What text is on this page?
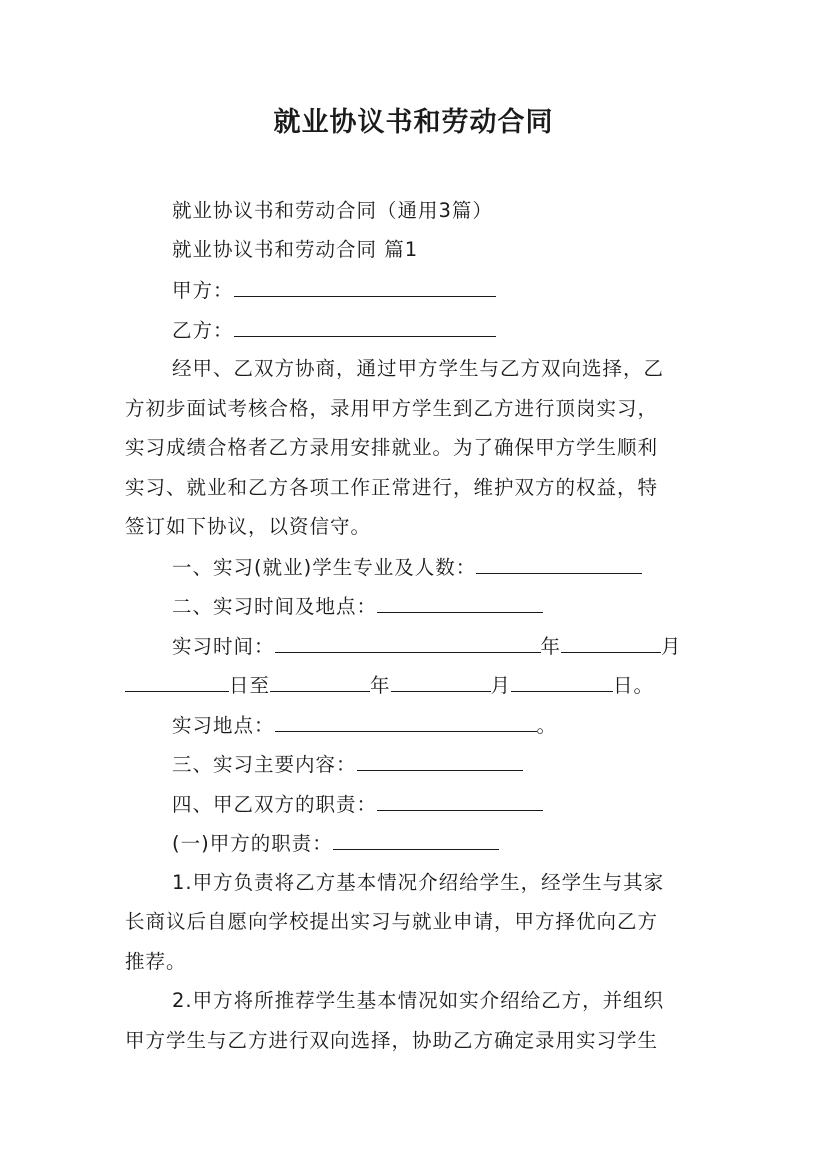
就业协议书和劳动合同
就业协议书和劳动合同（通用3篇）
就业协议书和劳动合同 篇1
甲方：
乙方：
经甲、乙双方协商，通过甲方学生与乙方双向选择，乙
方初步面试考核合格，录用甲方学生到乙方进行顶岗实习，
实习成绩合格者乙方录用安排就业。为了确保甲方学生顺利
实习、就业和乙方各项工作正常进行，维护双方的权益，特
签订如下协议，以资信守。
一、实习(就业)学生专业及人数：
二、实习时间及地点：
实习时间：	年	月
日至	年	月	日。
实习地点：	。
三、实习主要内容：
四、甲乙双方的职责：
(一)甲方的职责：
1.甲方负责将乙方基本情况介绍给学生，经学生与其家
长商议后自愿向学校提出实习与就业申请，甲方择优向乙方
推荐。
2.甲方将所推荐学生基本情况如实介绍给乙方，并组织
甲方学生与乙方进行双向选择，协助乙方确定录用实习学生
